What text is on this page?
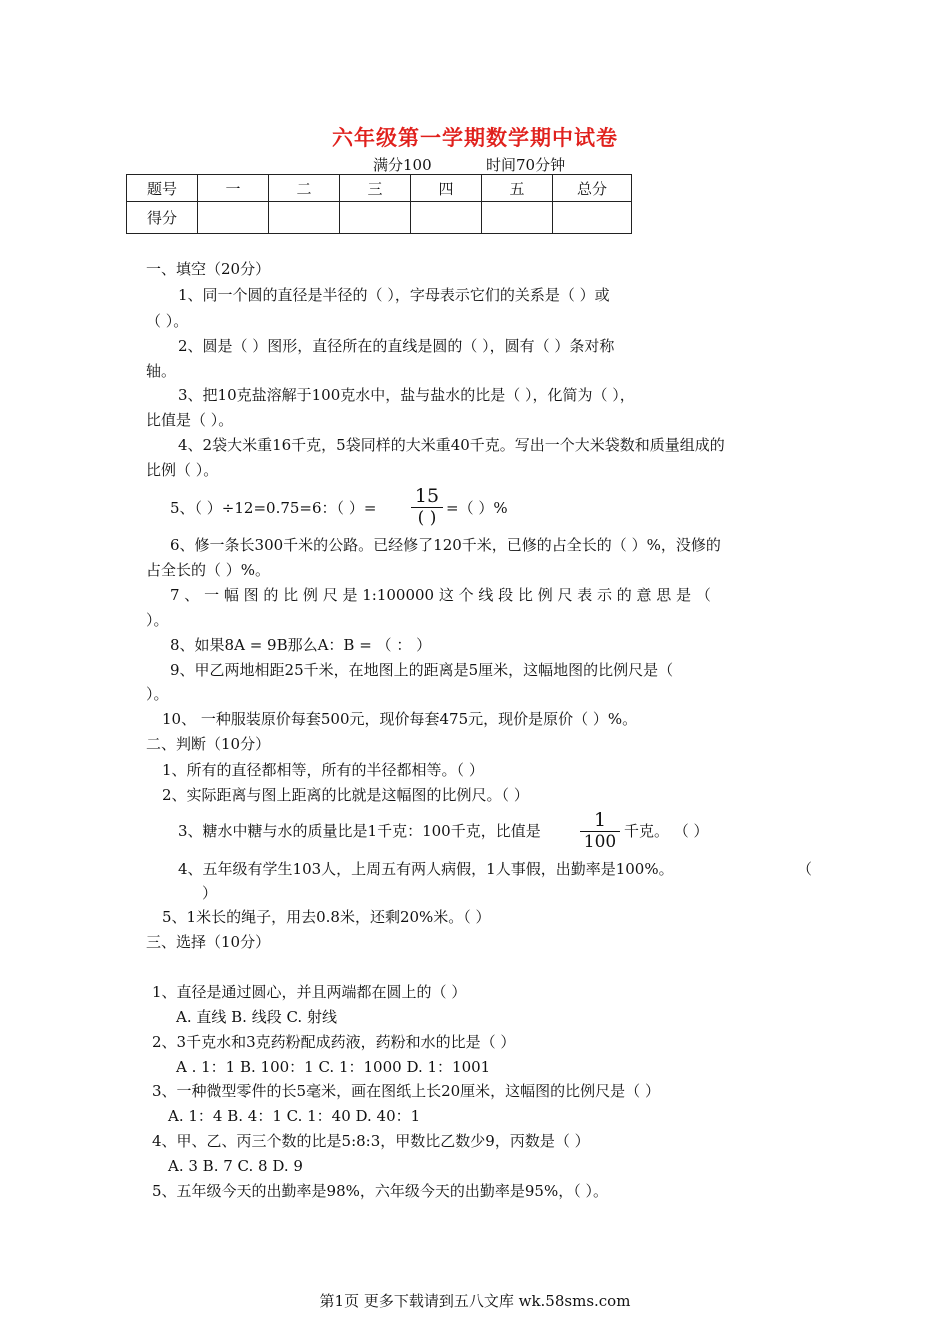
六年级第一学期数学期中试卷
满分100	时间70分钟
题号	一	二	三	四	五	总分
得分						
一、填空（20分）
1、同一个圆的直径是半径的（ ），字母表示它们的关系是（ ）或
（ ）。
2、圆是（ ）图形，直径所在的直线是圆的（ ），圆有（ ）条对称
轴。
3、把10克盐溶解于100克水中，盐与盐水的比是（ ），化简为（ ），
比值是（ ）。
4、2袋大米重16千克，5袋同样的大米重40千克。写出一个大米袋数和质量组成的
比例（ ）。
5、（ ）÷12=0.75=6：（ ）=
15
( ) =（ ）%
6、修一条长300千米的公路。已经修了120千米，已修的占全长的（ ）%，没修的
占全长的（ ）%。
7 、 一 幅 图 的 比 例 尺 是 1:100000 这 个 线 段 比 例 尺 表 示 的 意 思 是 （
）。
8、如果8A = 9B那么A：B = （ ： ）
9、甲乙两地相距25千米，在地图上的距离是5厘米，这幅地图的比例尺是（
）。
10、 一种服装原价每套500元，现价每套475元，现价是原价（ ）%。
二、判断（10分）
1、所有的直径都相等，所有的半径都相等。（ ）
2、实际距离与图上距离的比就是这幅图的比例尺。（ ）
3、糖水中糖与水的质量比是1千克：100千克，比值是	1
100
千克。 （ ）
4、五年级有学生103人，上周五有两人病假，1人事假，出勤率是100%。	（
）
5、1米长的绳子，用去0.8米，还剩20%米。（ ）
三、选择（10分）
1、直径是通过圆心，并且两端都在圆上的（ ）
A. 直线 B. 线段 C. 射线
2、3千克水和3克药粉配成药液，药粉和水的比是（ ）
A . 1：1 B. 100：1 C. 1：1000 D. 1：1001
3、一种微型零件的长5毫米，画在图纸上长20厘米，这幅图的比例尺是（ ）
A. 1：4 B. 4：1 C. 1：40 D. 40：1
4、甲、乙、丙三个数的比是5:8:3，甲数比乙数少9，丙数是（ ）
A. 3 B. 7 C. 8 D. 9
5、五年级今天的出勤率是98%，六年级今天的出勤率是95%，（ ）。
第1页 更多下载请到五八文库 wk.58sms.com
